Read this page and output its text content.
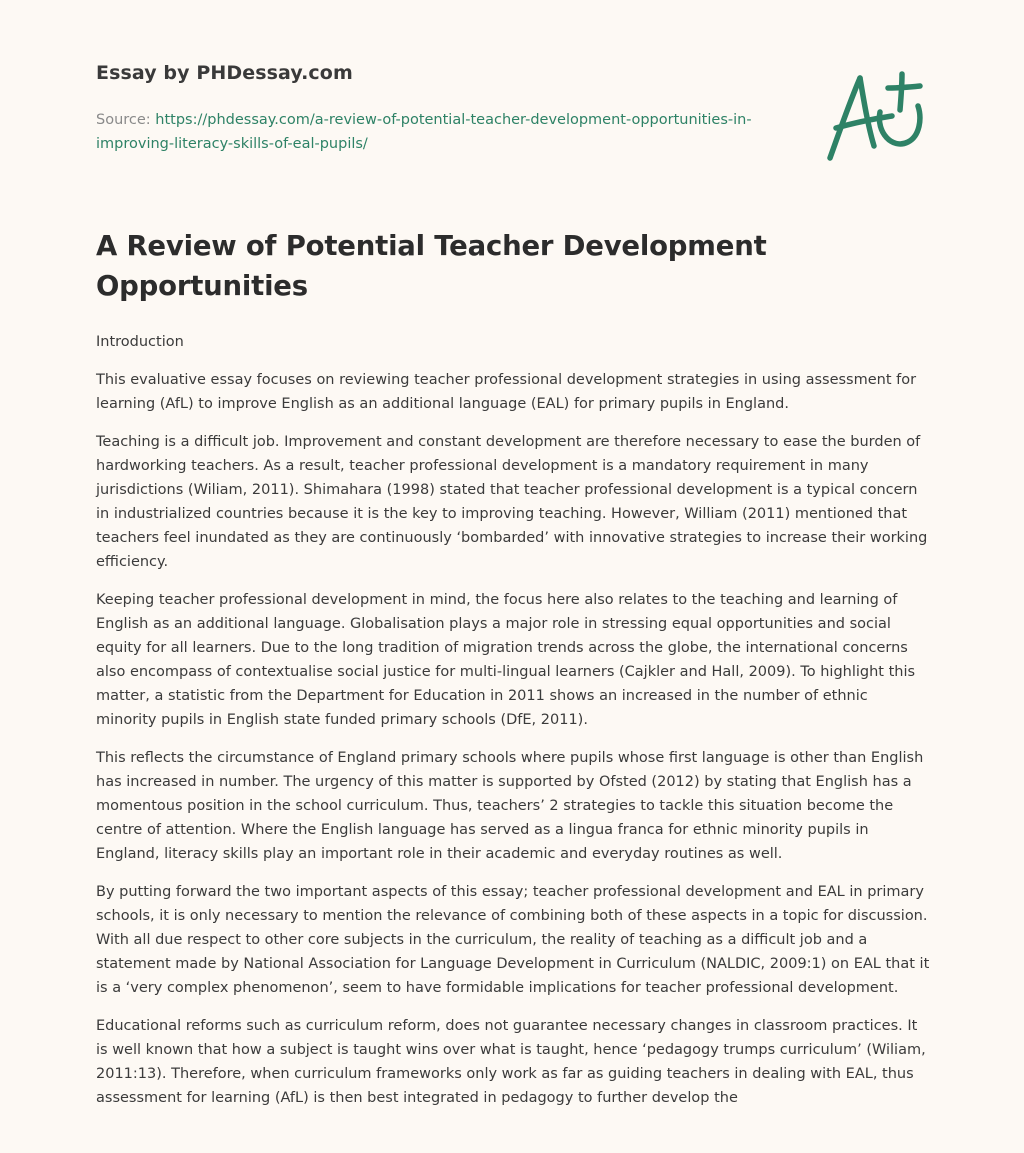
Essay by PHDessay.com
Source: https://phdessay.com/a-review-of-potential-teacher-development-opportunities-in-improving-literacy-skills-of-eal-pupils/
A Review of Potential Teacher Development Opportunities
Introduction

This evaluative essay focuses on reviewing teacher professional development strategies in using assessment for learning (AfL) to improve English as an additional language (EAL) for primary pupils in England.

Teaching is a difficult job. Improvement and constant development are therefore necessary to ease the burden of hardworking teachers. As a result, teacher professional development is a mandatory requirement in many jurisdictions (Wiliam, 2011). Shimahara (1998) stated that teacher professional development is a typical concern in industrialized countries because it is the key to improving teaching. However, William (2011) mentioned that teachers feel inundated as they are continuously ‘bombarded’ with innovative strategies to increase their working efficiency.

Keeping teacher professional development in mind, the focus here also relates to the teaching and learning of English as an additional language. Globalisation plays a major role in stressing equal opportunities and social equity for all learners. Due to the long tradition of migration trends across the globe, the international concerns also encompass of contextualise social justice for multi-lingual learners (Cajkler and Hall, 2009). To highlight this matter, a statistic from the Department for Education in 2011 shows an increased in the number of ethnic minority pupils in English state funded primary schools (DfE, 2011).

This reflects the circumstance of England primary schools where pupils whose first language is other than English has increased in number. The urgency of this matter is supported by Ofsted (2012) by stating that English has a momentous position in the school curriculum. Thus, teachers’ 2 strategies to tackle this situation become the centre of attention. Where the English language has served as a lingua franca for ethnic minority pupils in England, literacy skills play an important role in their academic and everyday routines as well.

By putting forward the two important aspects of this essay; teacher professional development and EAL in primary schools, it is only necessary to mention the relevance of combining both of these aspects in a topic for discussion. With all due respect to other core subjects in the curriculum, the reality of teaching as a difficult job and a statement made by National Association for Language Development in Curriculum (NALDIC, 2009:1) on EAL that it is a ‘very complex phenomenon’, seem to have formidable implications for teacher professional development.

Educational reforms such as curriculum reform, does not guarantee necessary changes in classroom practices. It is well known that how a subject is taught wins over what is taught, hence ‘pedagogy trumps curriculum’ (Wiliam, 2011:13). Therefore, when curriculum frameworks only work as far as guiding teachers in dealing with EAL, thus assessment for learning (AfL) is then best integrated in pedagogy to further develop the
